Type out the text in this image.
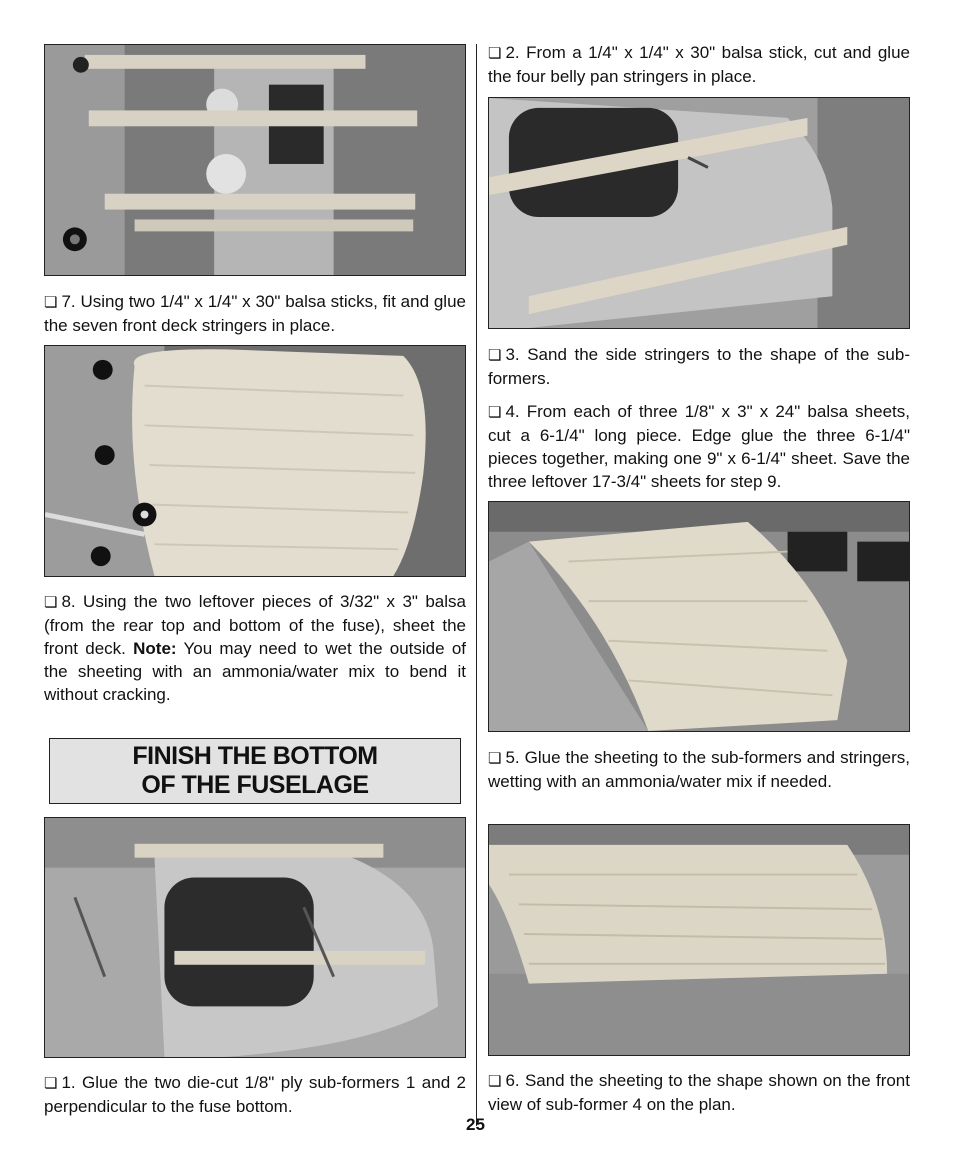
❏ 7. Using two 1/4" x 1/4" x 30" balsa sticks, fit and glue the seven front deck stringers in place.
❏ 8. Using the two leftover pieces of 3/32" x 3" balsa (from the rear top and bottom of the fuse), sheet the front deck. Note: You may need to wet the outside of the sheeting with an ammonia/water mix to bend it without cracking.
FINISH THE BOTTOM
OF THE FUSELAGE
❏ 1. Glue the two die-cut 1/8" ply sub-formers 1 and 2 perpendicular to the fuse bottom.
❏ 2. From a 1/4" x 1/4" x 30" balsa stick, cut and glue the four belly pan stringers in place.
❏ 3. Sand the side stringers to the shape of the sub-formers.
❏ 4. From each of three 1/8" x 3" x 24" balsa sheets, cut a 6-1/4" long piece. Edge glue the three 6-1/4" pieces together, making one 9" x 6-1/4" sheet. Save the three leftover 17-3/4" sheets for step 9.
❏ 5. Glue the sheeting to the sub-formers and stringers, wetting with an ammonia/water mix if needed.
❏ 6. Sand the sheeting to the shape shown on the front view of sub-former 4 on the plan.
25
